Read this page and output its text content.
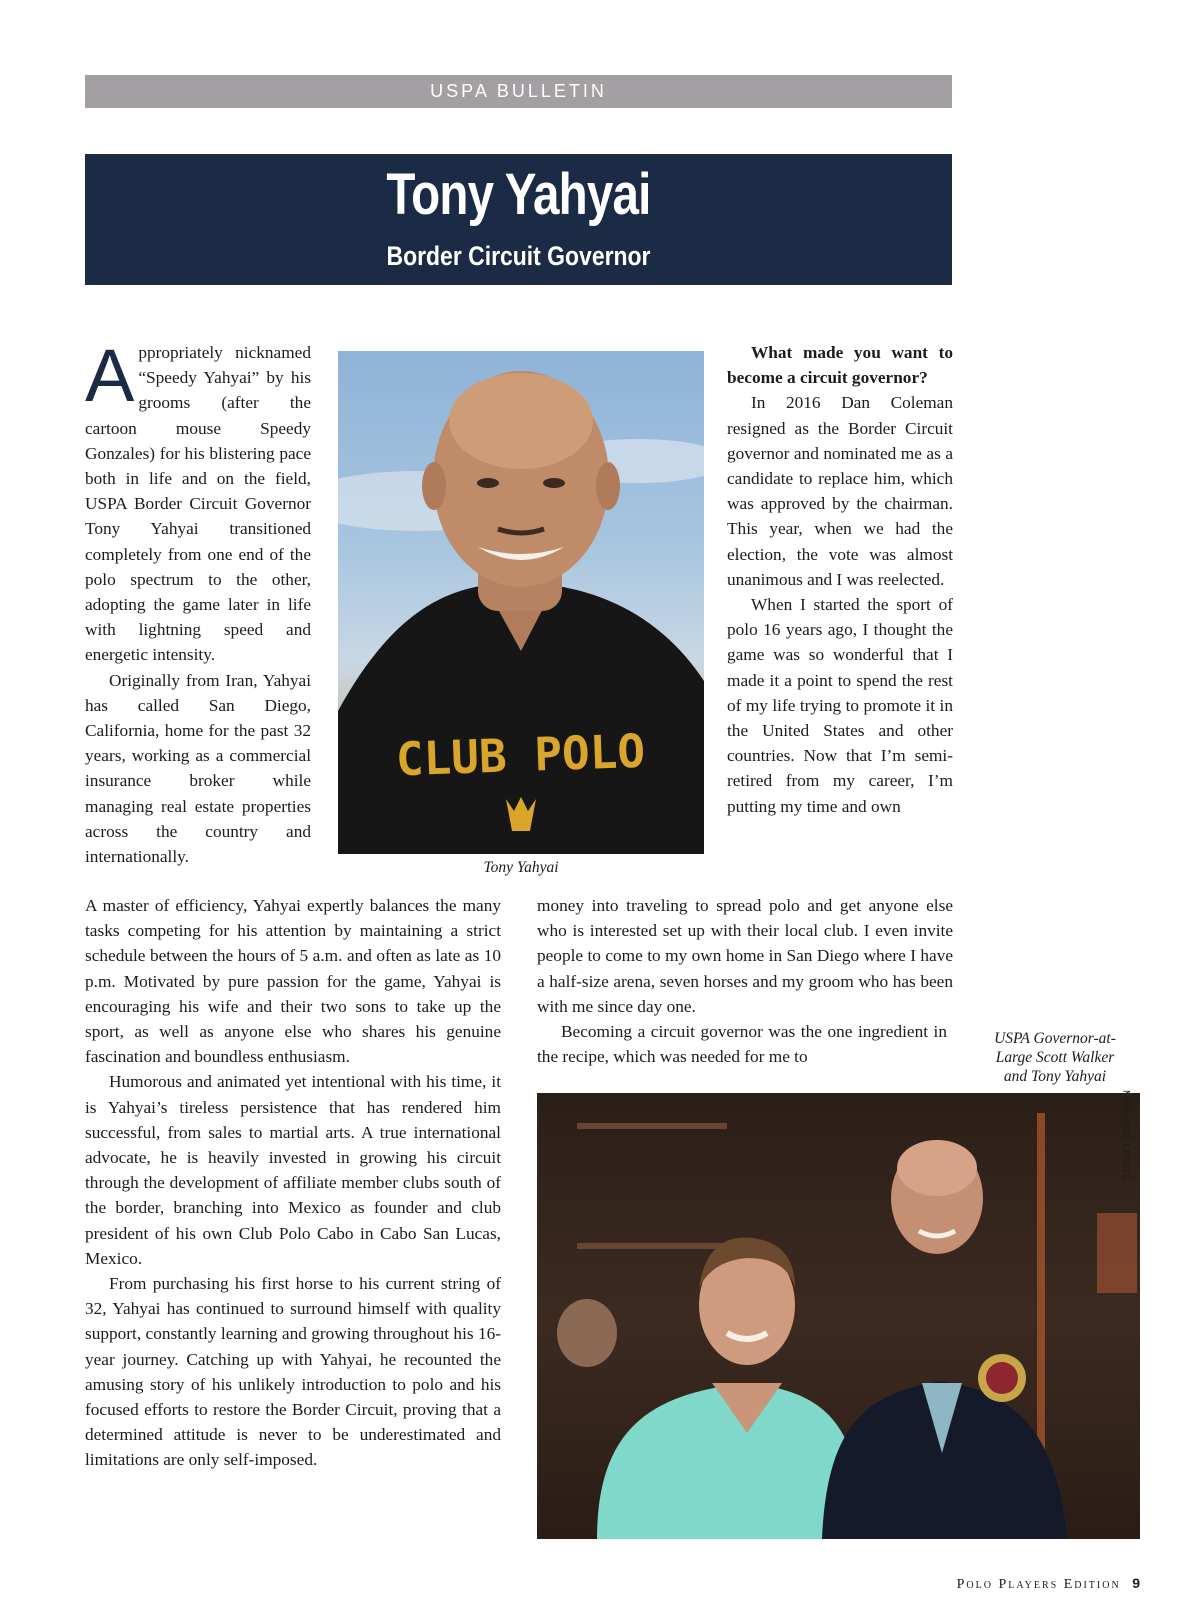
USPA BULLETIN
Tony Yahyai
Border Circuit Governor

Appropriately nicknamed “Speedy Yahyai” by his grooms (after the cartoon mouse Speedy Gonzales) for his blistering pace both in life and on the field, USPA Border Circuit Governor Tony Yahyai transitioned completely from one end of the polo spectrum to the other, adopting the game later in life with lightning speed and energetic intensity.

Originally from Iran, Yahyai has called San Diego, California, home for the past 32 years, working as a commercial insurance broker while managing real estate properties across the country and internationally.

CLUB POLO
Tony Yahyai

What made you want to become a circuit governor?

In 2016 Dan Coleman resigned as the Border Circuit governor and nominated me as a candidate to replace him, which was approved by the chairman. This year, when we had the election, the vote was almost unanimous and I was reelected.

When I started the sport of polo 16 years ago, I thought the game was so wonderful that I made it a point to spend the rest of my life trying to promote it in the United States and other countries. Now that I’m semi-retired from my career, I’m putting my time and own

A master of efficiency, Yahyai expertly balances the many tasks competing for his attention by maintaining a strict schedule between the hours of 5 a.m. and often as late as 10 p.m. Motivated by pure passion for the game, Yahyai is encouraging his wife and their two sons to take up the sport, as well as anyone else who shares his genuine fascination and boundless enthusiasm.

Humorous and animated yet intentional with his time, it is Yahyai’s tireless persistence that has rendered him successful, from sales to martial arts. A true international advocate, he is heavily invested in growing his circuit through the development of affiliate member clubs south of the border, branching into Mexico as founder and club president of his own Club Polo Cabo in Cabo San Lucas, Mexico.

From purchasing his first horse to his current string of 32, Yahyai has continued to surround himself with quality support, constantly learning and growing throughout his 16-year journey. Catching up with Yahyai, he recounted the amusing story of his unlikely introduction to polo and his focused efforts to restore the Border Circuit, proving that a determined attitude is never to be underestimated and limitations are only self-imposed.

money into traveling to spread polo and get anyone else who is interested set up with their local club. I even invite people to come to my own home in San Diego where I have a half-size arena, seven horses and my groom who has been with me since day one.

Becoming a circuit governor was the one ingredient in the recipe, which was needed for me to

USPA Governor-at-Large Scott Walker and Tony Yahyai
MARIANO LEMUS
Polo Players Edition 9
